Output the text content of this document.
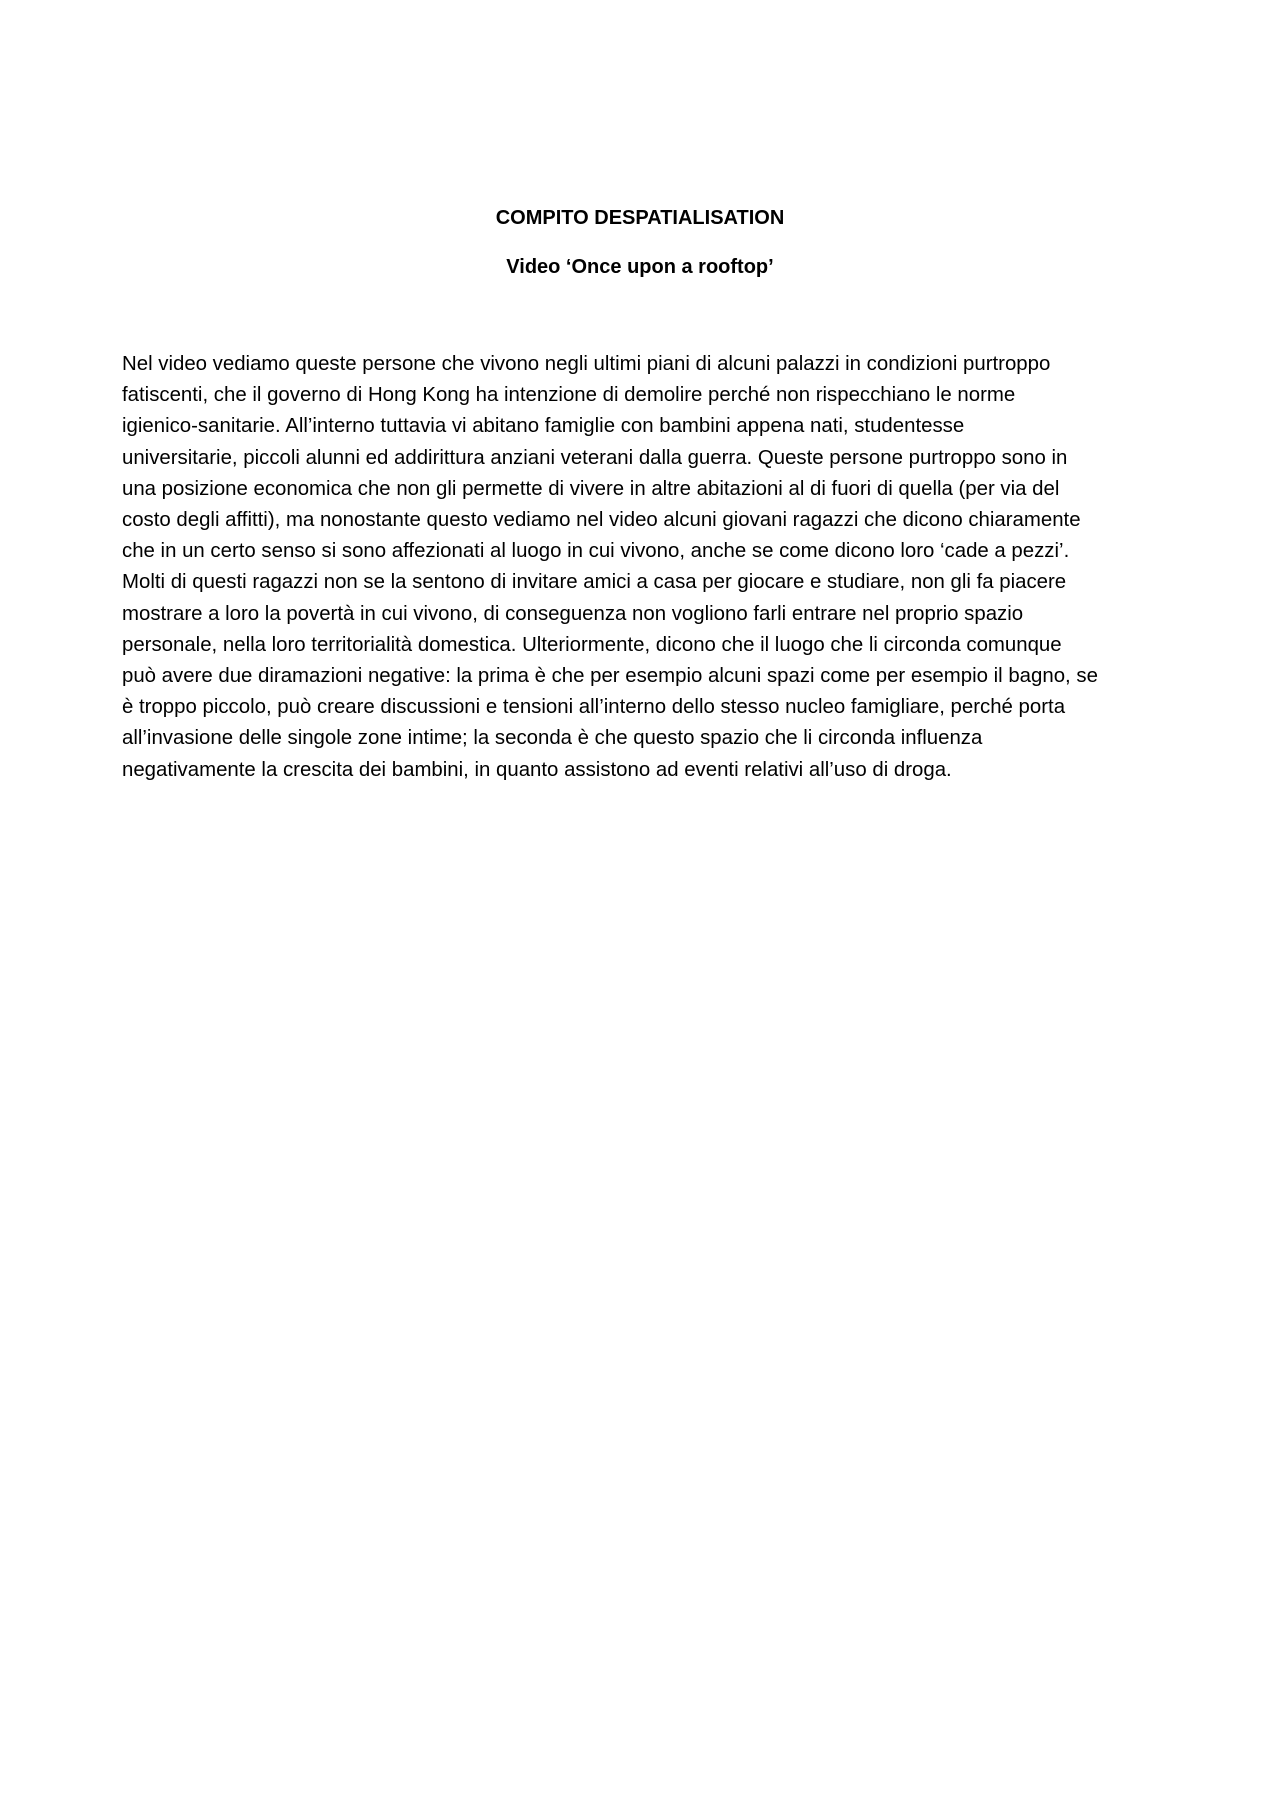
COMPITO DESPATIALISATION
Video ‘Once upon a rooftop’

Nel video vediamo queste persone che vivono negli ultimi piani di alcuni palazzi in condizioni purtroppo
fatiscenti, che il governo di Hong Kong ha intenzione di demolire perché non rispecchiano le norme
igienico-sanitarie. All’interno tuttavia vi abitano famiglie con bambini appena nati, studentesse
universitarie, piccoli alunni ed addirittura anziani veterani dalla guerra. Queste persone purtroppo sono in
una posizione economica che non gli permette di vivere in altre abitazioni al di fuori di quella (per via del
costo degli affitti), ma nonostante questo vediamo nel video alcuni giovani ragazzi che dicono chiaramente
che in un certo senso si sono affezionati al luogo in cui vivono, anche se come dicono loro ‘cade a pezzi’.
Molti di questi ragazzi non se la sentono di invitare amici a casa per giocare e studiare, non gli fa piacere
mostrare a loro la povertà in cui vivono, di conseguenza non vogliono farli entrare nel proprio spazio
personale, nella loro territorialità domestica. Ulteriormente, dicono che il luogo che li circonda comunque
può avere due diramazioni negative: la prima è che per esempio alcuni spazi come per esempio il bagno, se
è troppo piccolo, può creare discussioni e tensioni all’interno dello stesso nucleo famigliare, perché porta
all’invasione delle singole zone intime; la seconda è che questo spazio che li circonda influenza
negativamente la crescita dei bambini, in quanto assistono ad eventi relativi all’uso di droga.
